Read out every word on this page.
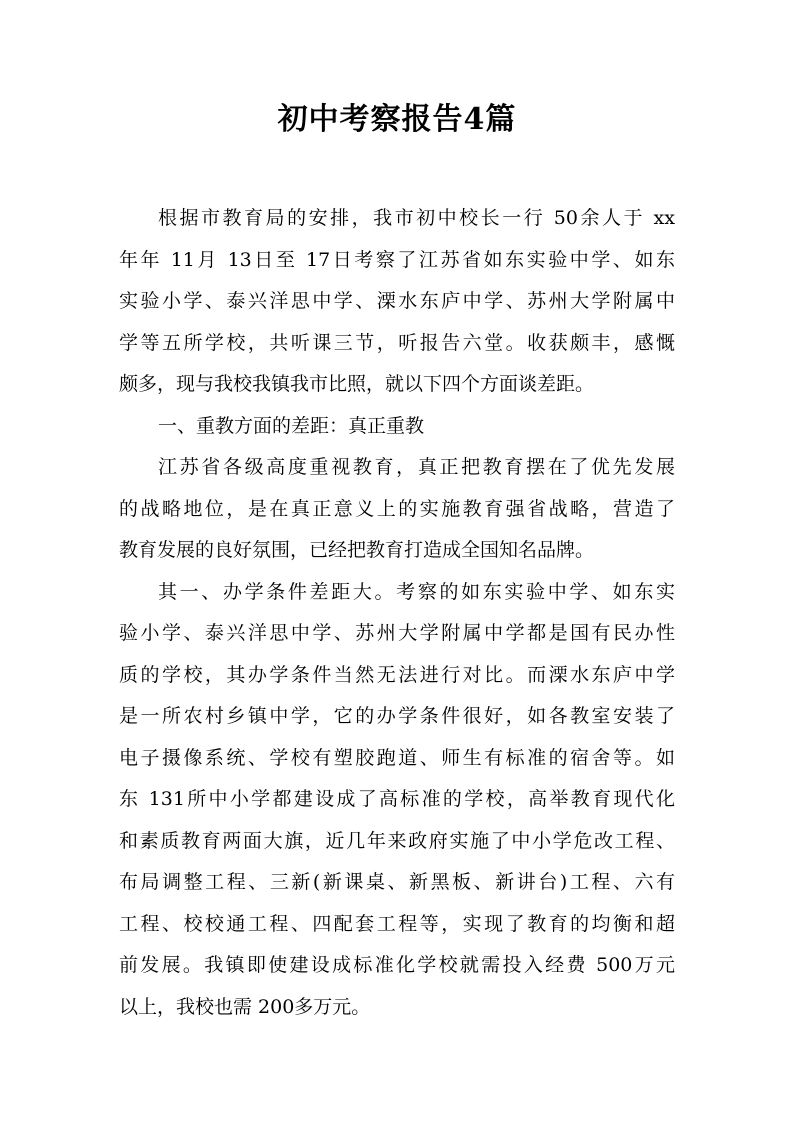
初中考察报告4篇
根据市教育局的安排，我市初中校长一行 50余人于 xx
年年 11月 13日至 17日考察了江苏省如东实验中学、如东
实验小学、泰兴洋思中学、溧水东庐中学、苏州大学附属中
学等五所学校，共听课三节，听报告六堂。收获颇丰，感慨
颇多，现与我校我镇我市比照，就以下四个方面谈差距。
一、重教方面的差距：真正重教
江苏省各级高度重视教育，真正把教育摆在了优先发展
的战略地位，是在真正意义上的实施教育强省战略，营造了
教育发展的良好氛围，已经把教育打造成全国知名品牌。
其一、办学条件差距大。考察的如东实验中学、如东实
验小学、泰兴洋思中学、苏州大学附属中学都是国有民办性
质的学校，其办学条件当然无法进行对比。而溧水东庐中学
是一所农村乡镇中学，它的办学条件很好，如各教室安装了
电子摄像系统、学校有塑胶跑道、师生有标准的宿舍等。如
东 131所中小学都建设成了高标准的学校，高举教育现代化
和素质教育两面大旗，近几年来政府实施了中小学危改工程、
布局调整工程、三新(新课桌、新黑板、新讲台)工程、六有
工程、校校通工程、四配套工程等，实现了教育的均衡和超
前发展。我镇即使建设成标准化学校就需投入经费 500万元
以上，我校也需 200多万元。
